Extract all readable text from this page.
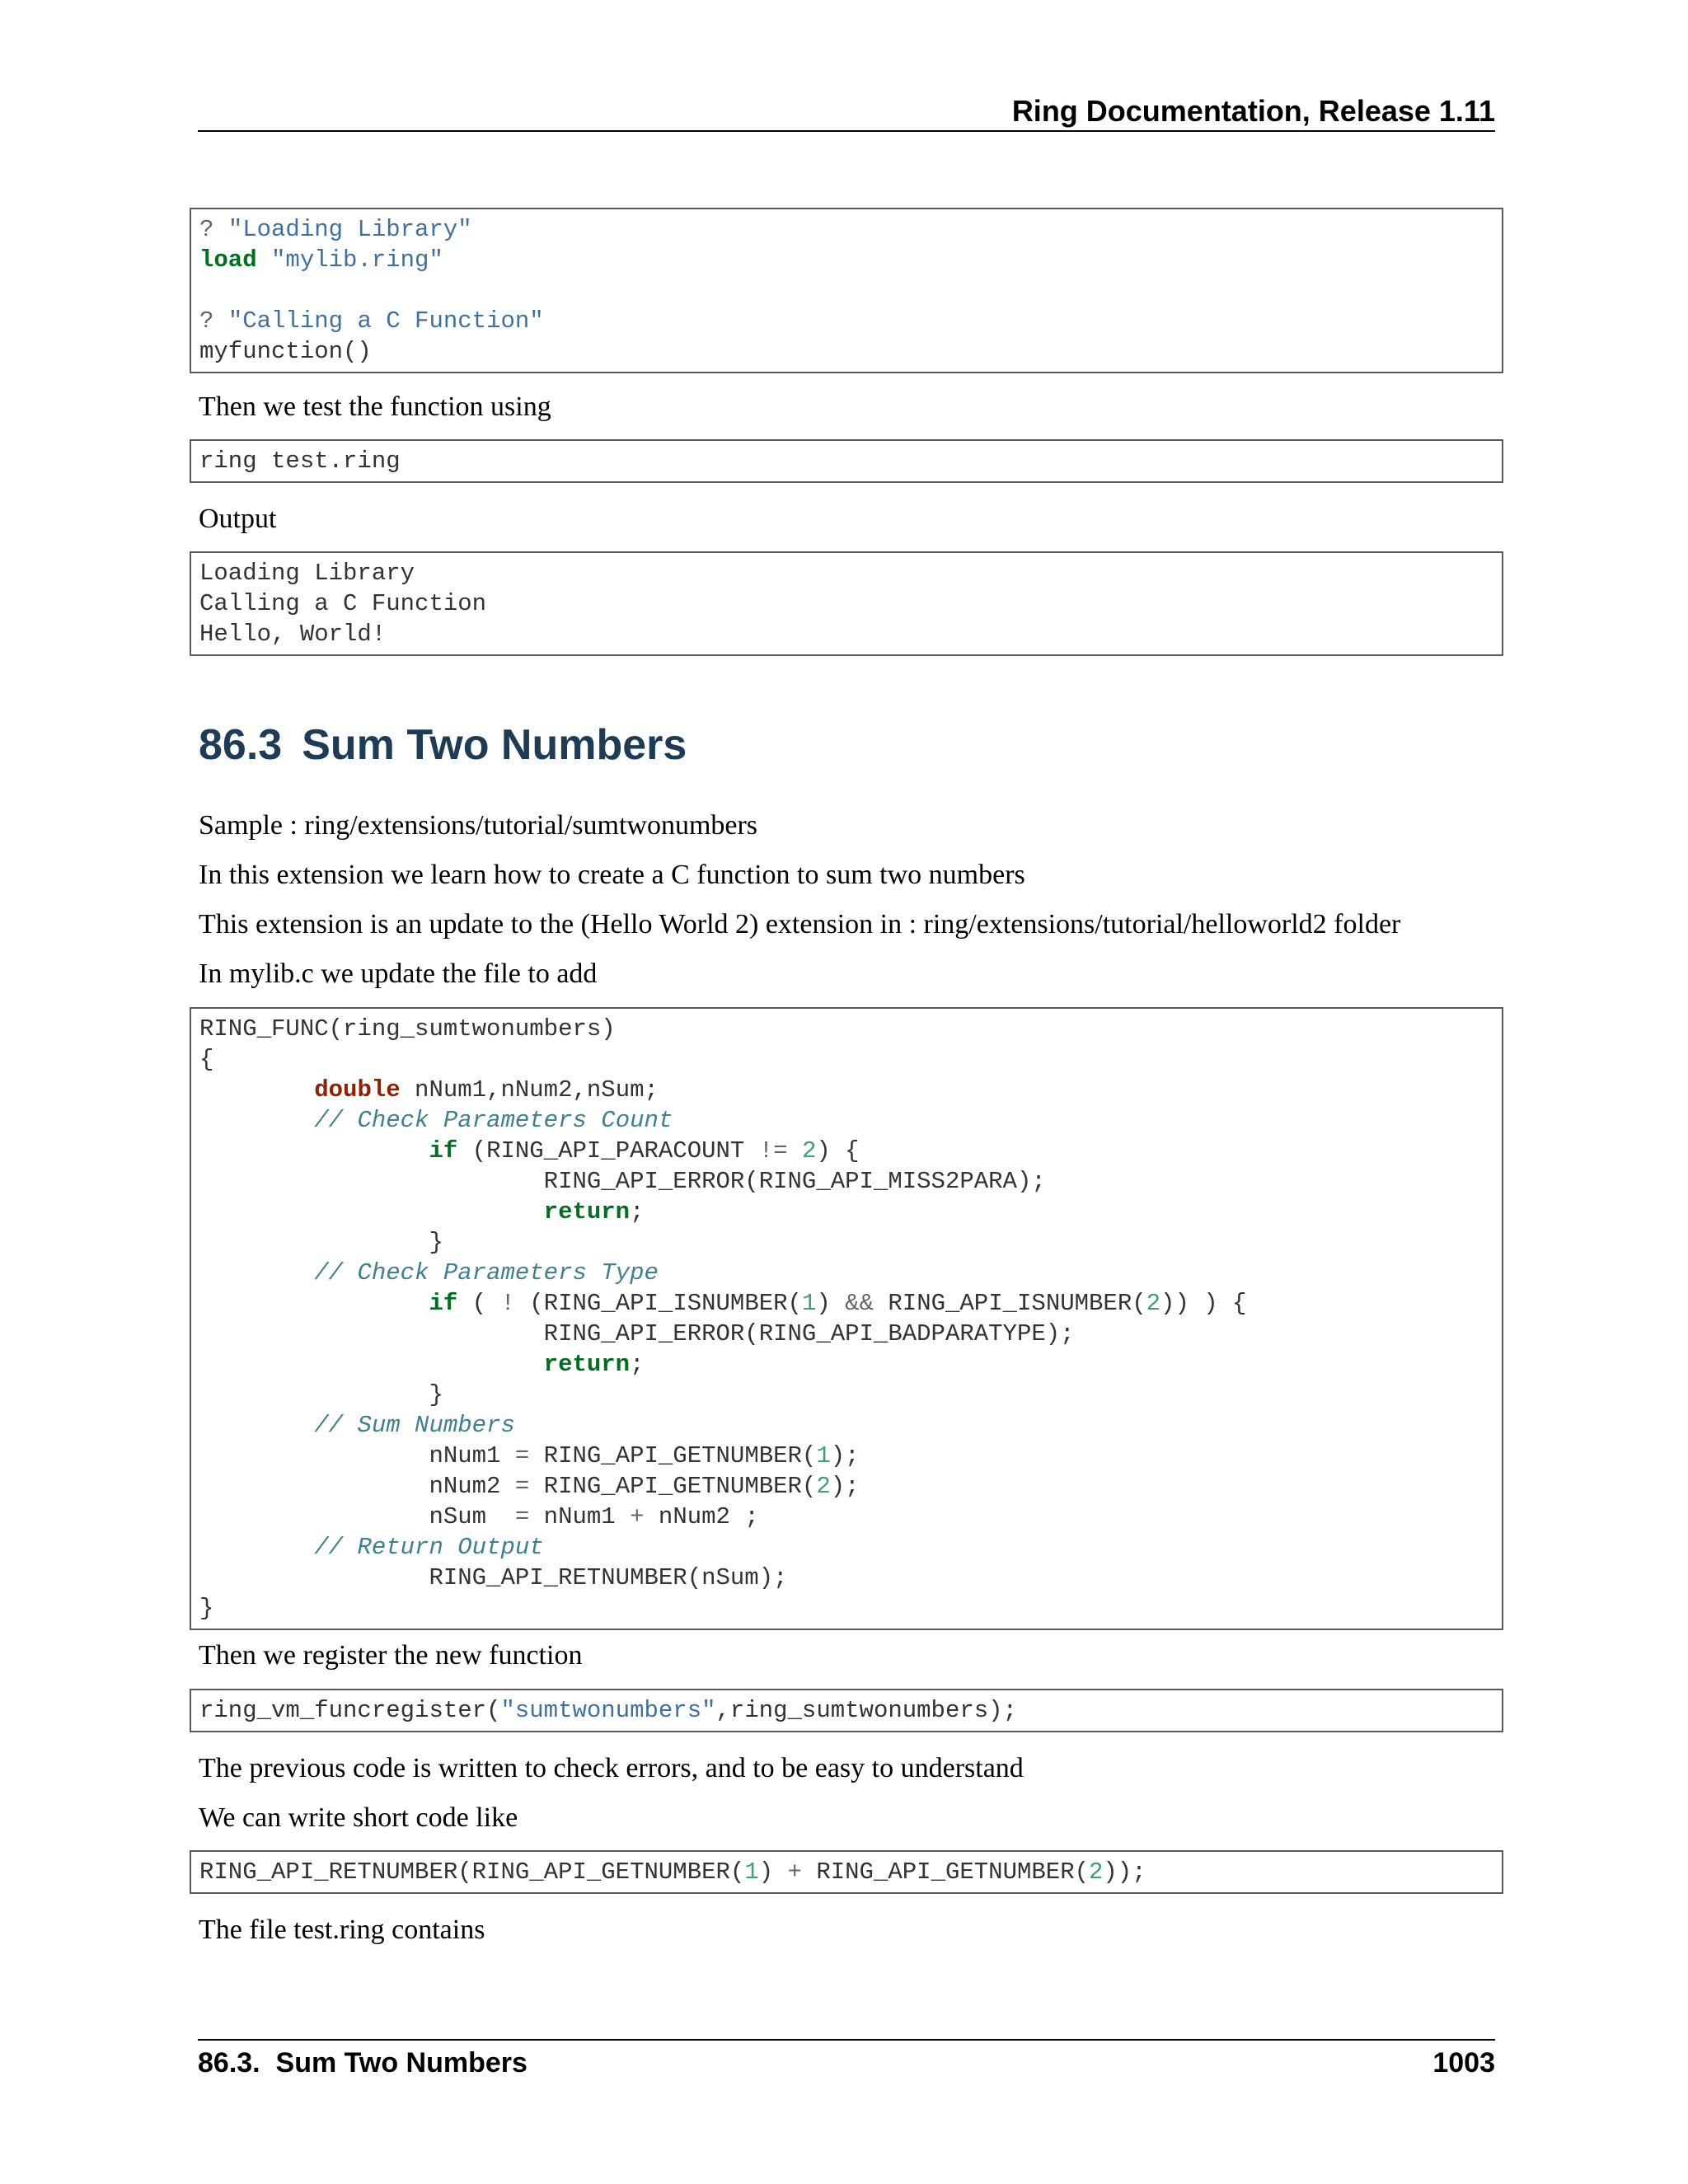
Ring Documentation, Release 1.11
? "Loading Library"
load "mylib.ring"
? "Calling a C Function"
myfunction()
Then we test the function using
ring test.ring
Output
Loading Library
Calling a C Function
Hello, World!
86.3 Sum Two Numbers
Sample : ring/extensions/tutorial/sumtwonumbers
In this extension we learn how to create a C function to sum two numbers
This extension is an update to the (Hello World 2) extension in : ring/extensions/tutorial/helloworld2 folder
In mylib.c we update the file to add
RING_FUNC(ring_sumtwonumbers)
{
double nNum1,nNum2,nSum;
// Check Parameters Count
if (RING_API_PARACOUNT != 2) {
RING_API_ERROR(RING_API_MISS2PARA);
return;
}
// Check Parameters Type
if ( ! (RING_API_ISNUMBER(1) && RING_API_ISNUMBER(2)) ) {
RING_API_ERROR(RING_API_BADPARATYPE);
return;
}
// Sum Numbers
nNum1 = RING_API_GETNUMBER(1);
nNum2 = RING_API_GETNUMBER(2);
nSum  = nNum1 + nNum2 ;
// Return Output
RING_API_RETNUMBER(nSum);
}
Then we register the new function
ring_vm_funcregister("sumtwonumbers",ring_sumtwonumbers);
The previous code is written to check errors, and to be easy to understand
We can write short code like
RING_API_RETNUMBER(RING_API_GETNUMBER(1) + RING_API_GETNUMBER(2));
The file test.ring contains
86.3.  Sum Two Numbers	1003
